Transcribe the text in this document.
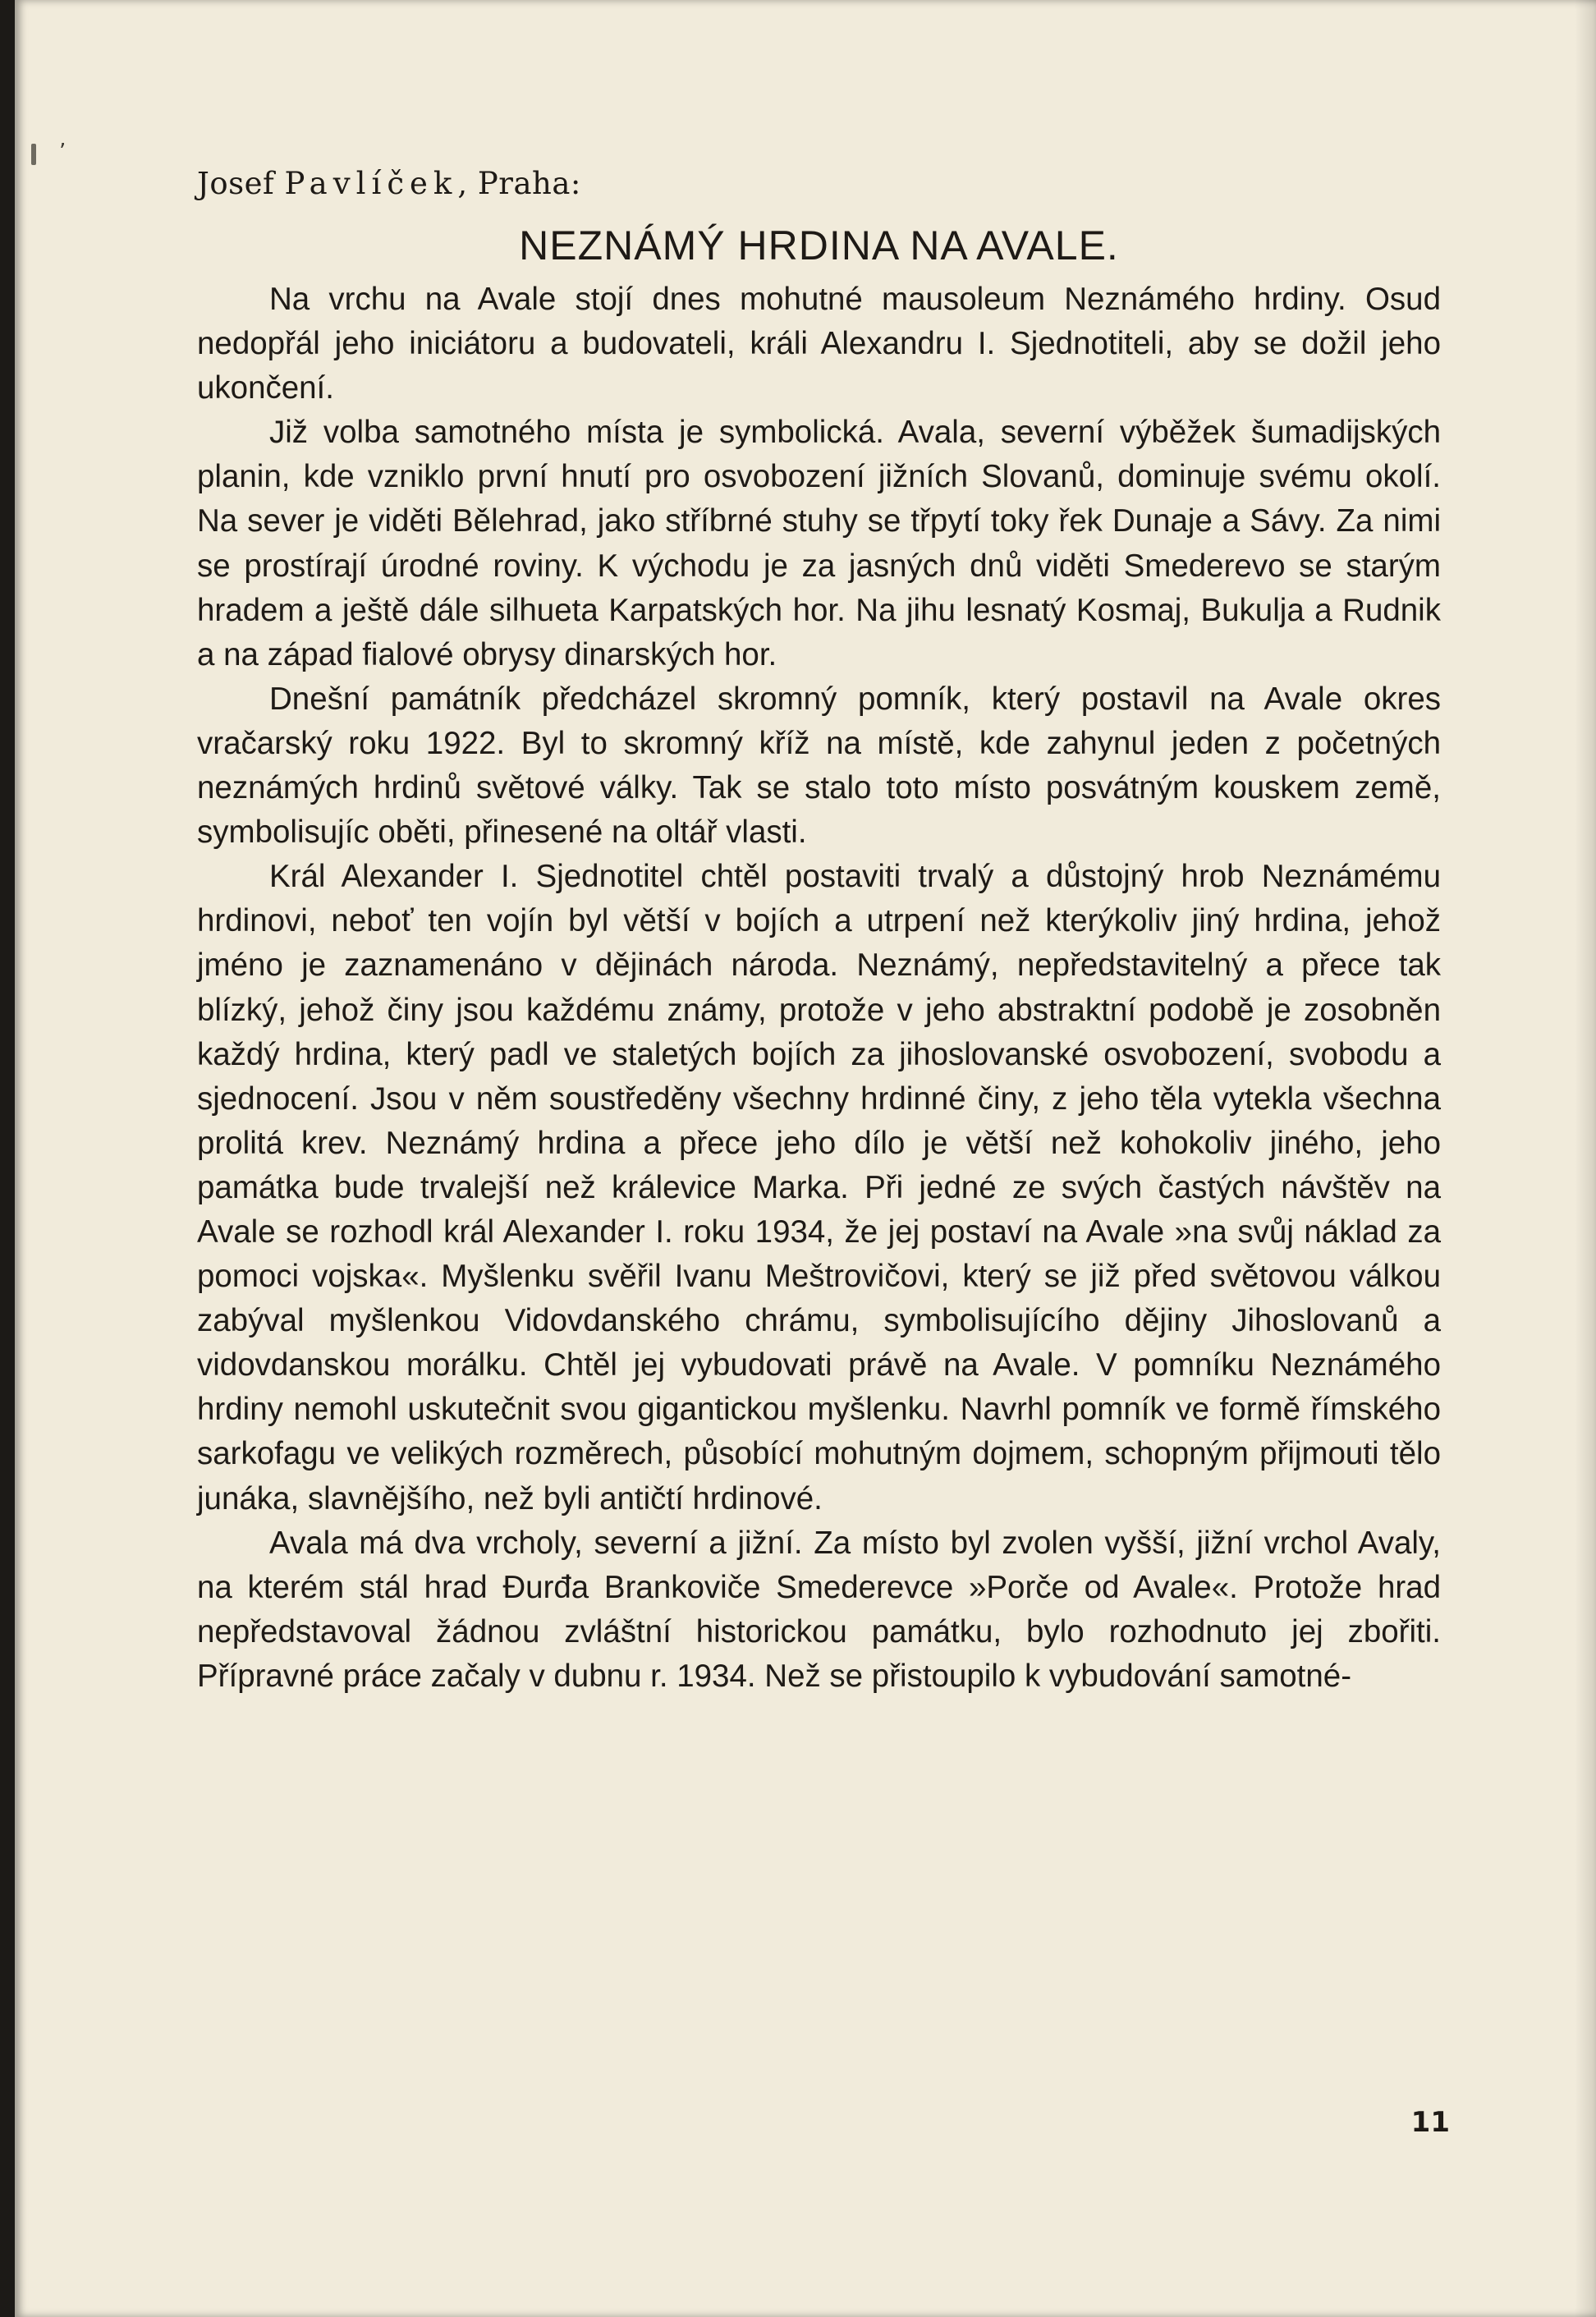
’

Josef Pavlíček, Praha:

NEZNÁMÝ HRDINA NA AVALE.

Na vrchu na Avale stojí dnes mohutné mausoleum Neznámého hrdiny. Osud nedopřál jeho iniciátoru a budovateli, králi Alexandru I. Sjednotiteli, aby se dožil jeho ukončení.

Již volba samotného místa je symbolická. Avala, severní výběžek šumadijských planin, kde vzniklo první hnutí pro osvobození jižních Slovanů, dominuje svému okolí. Na sever je viděti Bělehrad, jako stříbrné stuhy se třpytí toky řek Dunaje a Sávy. Za nimi se prostírají úrodné roviny. K východu je za jasných dnů viděti Smederevo se starým hradem a ještě dále silhueta Karpatských hor. Na jihu lesnatý Kosmaj, Bukulja a Rudnik a na západ fialové obrysy dinarských hor.

Dnešní památník předcházel skromný pomník, který postavil na Avale okres vračarský roku 1922. Byl to skromný kříž na místě, kde zahynul jeden z početných neznámých hrdinů světové války. Tak se stalo toto místo posvátným kouskem země, symbolisujíc oběti, přinesené na oltář vlasti.

Král Alexander I. Sjednotitel chtěl postaviti trvalý a důstojný hrob Neznámému hrdinovi, neboť ten vojín byl větší v bojích a utrpení než kterýkoliv jiný hrdina, jehož jméno je zaznamenáno v dějinách národa. Neznámý, nepředstavitelný a přece tak blízký, jehož činy jsou každému známy, protože v jeho abstraktní podobě je zosobněn každý hrdina, který padl ve staletých bojích za jihoslovanské osvobození, svobodu a sjednocení. Jsou v něm soustředěny všechny hrdinné činy, z jeho těla vytekla všechna prolitá krev. Neznámý hrdina a přece jeho dílo je větší než kohokoliv jiného, jeho památka bude trvalejší než králevice Marka. Při jedné ze svých častých návštěv na Avale se rozhodl král Alexander I. roku 1934, že jej postaví na Avale »na svůj náklad za pomoci vojska«. Myšlenku svěřil Ivanu Meštrovičovi, který se již před světovou válkou zabýval myšlenkou Vidovdanského chrámu, symbolisujícího dějiny Jihoslovanů a vidovdanskou morálku. Chtěl jej vybudovati právě na Avale. V pomníku Neznámého hrdiny nemohl uskutečnit svou gigantickou myšlenku. Navrhl pomník ve formě římského sarkofagu ve velikých rozměrech, působící mohutným dojmem, schopným přijmouti tělo junáka, slavnějšího, než byli antičtí hrdinové.

Avala má dva vrcholy, severní a jižní. Za místo byl zvolen vyšší, jižní vrchol Avaly, na kterém stál hrad Đurđa Brankoviče Smederevce »Porče od Avale«. Protože hrad nepředstavoval žádnou zvláštní historickou památku, bylo rozhodnuto jej zbořiti. Přípravné práce začaly v dubnu r. 1934. Než se přistoupilo k vybudování samotné-

11
